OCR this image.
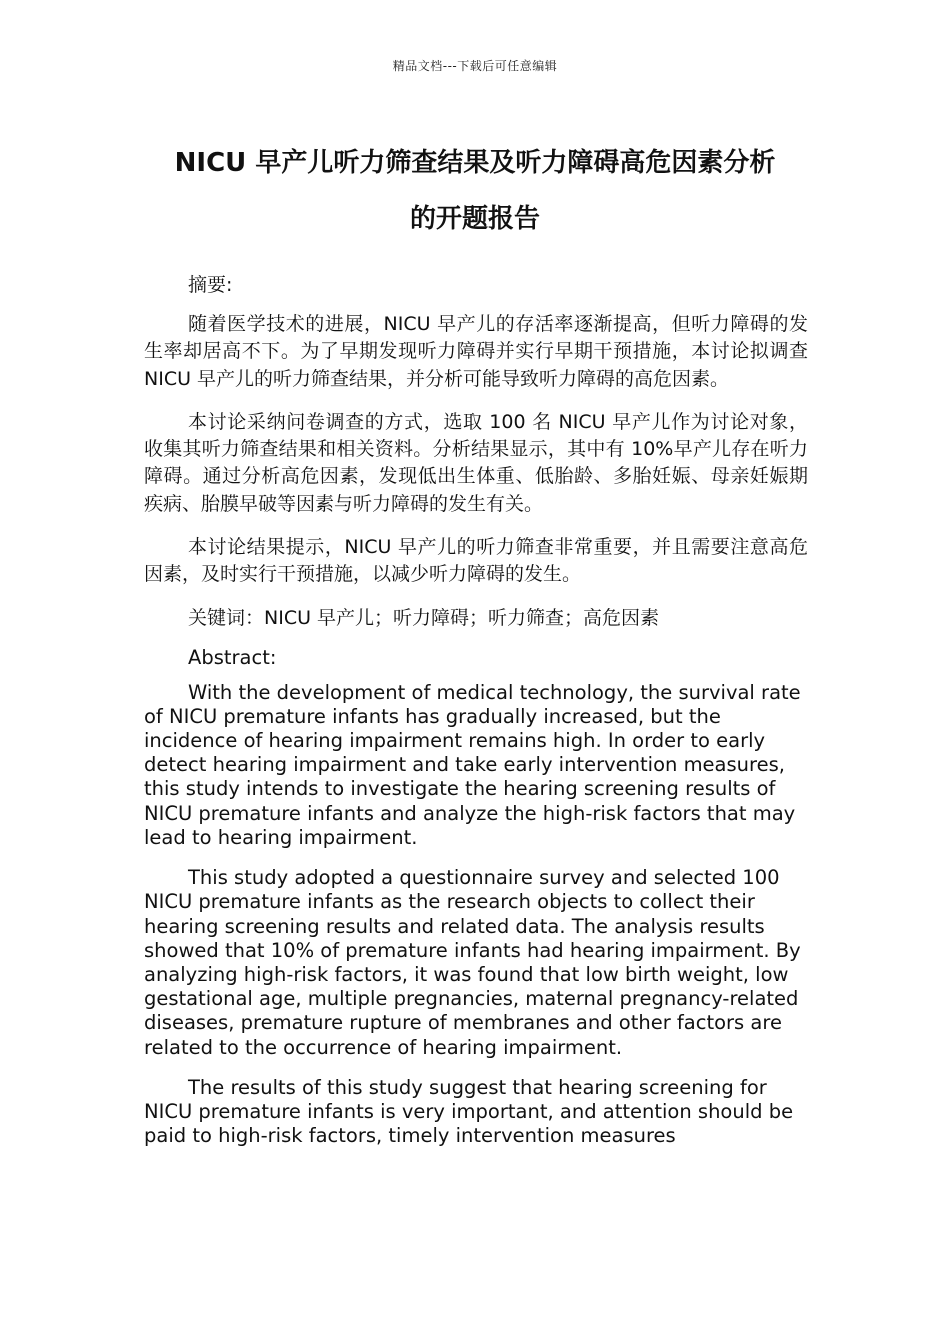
精品文档---下载后可任意编辑
NICU 早产儿听力筛查结果及听力障碍高危因素分析
的开题报告

摘要:

随着医学技术的进展，NICU 早产儿的存活率逐渐提高，但听力障碍的发生率却居高不下。为了早期发现听力障碍并实行早期干预措施，本讨论拟调查 NICU 早产儿的听力筛查结果，并分析可能导致听力障碍的高危因素。

本讨论采纳问卷调查的方式，选取 100 名 NICU 早产儿作为讨论对象，收集其听力筛查结果和相关资料。分析结果显示，其中有 10%早产儿存在听力障碍。通过分析高危因素，发现低出生体重、低胎龄、多胎妊娠、母亲妊娠期疾病、胎膜早破等因素与听力障碍的发生有关。

本讨论结果提示，NICU 早产儿的听力筛查非常重要，并且需要注意高危因素，及时实行干预措施，以减少听力障碍的发生。

关键词：NICU 早产儿；听力障碍；听力筛查；高危因素

Abstract:

With the development of medical technology, the survival rate of NICU premature infants has gradually increased, but the incidence of hearing impairment remains high. In order to early detect hearing impairment and take early intervention measures, this study intends to investigate the hearing screening results of NICU premature infants and analyze the high-risk factors that may lead to hearing impairment.

This study adopted a questionnaire survey and selected 100 NICU premature infants as the research objects to collect their hearing screening results and related data. The analysis results showed that 10% of premature infants had hearing impairment. By analyzing high-risk factors, it was found that low birth weight, low gestational age, multiple pregnancies, maternal pregnancy-related diseases, premature rupture of membranes and other factors are related to the occurrence of hearing impairment.

The results of this study suggest that hearing screening for NICU premature infants is very important, and attention should be paid to high-risk factors, timely intervention measures
